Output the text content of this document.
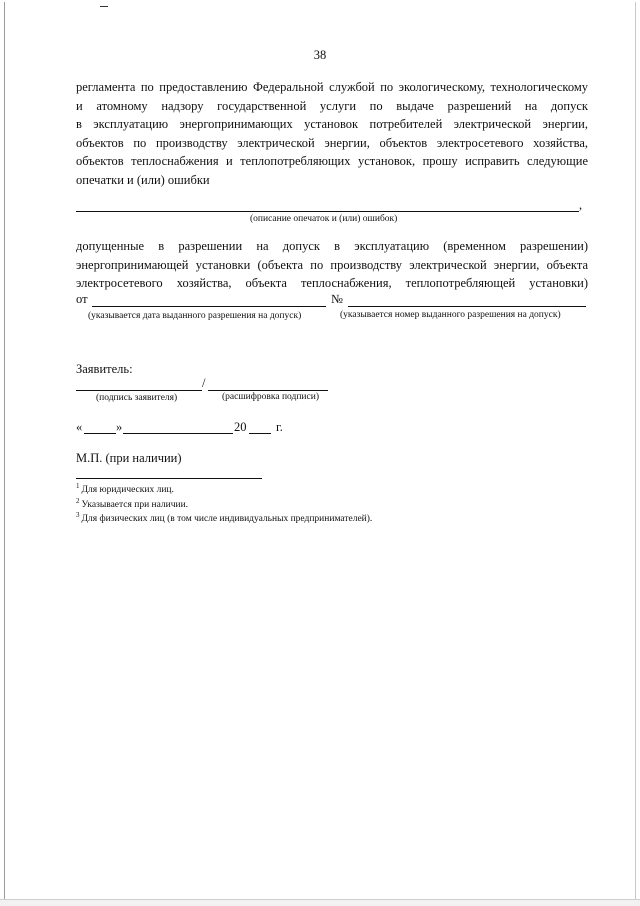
38
регламента по предоставлению Федеральной службой по экологическому, технологическому
и атомному надзору государственной услуги по выдаче разрешений на допуск
в эксплуатацию энергопринимающих установок потребителей электрической энергии,
объектов по производству электрической энергии, объектов электросетевого хозяйства,
объектов теплоснабжения и теплопотребляющих установок, прошу исправить следующие
опечатки и (или) ошибки
,
(описание опечаток и (или) ошибок)
допущенные в разрешении на допуск в эксплуатацию (временном разрешении)
энергопринимающей установки (объекта по производству электрической энергии, объекта
электросетевого хозяйства, объекта теплоснабжения, теплопотребляющей установки)
от	№
(указывается дата выданного разрешения на допуск)	(указывается номер выданного разрешения на допуск)
Заявитель:
/
(подпись заявителя)	(расшифровка подписи)
«	»	20 г.
М.П. (при наличии)
$^1$ Для юридических лиц.
$^2$ Указывается при наличии.
$^3$ Для физических лиц (в том числе индивидуальных предпринимателей).
